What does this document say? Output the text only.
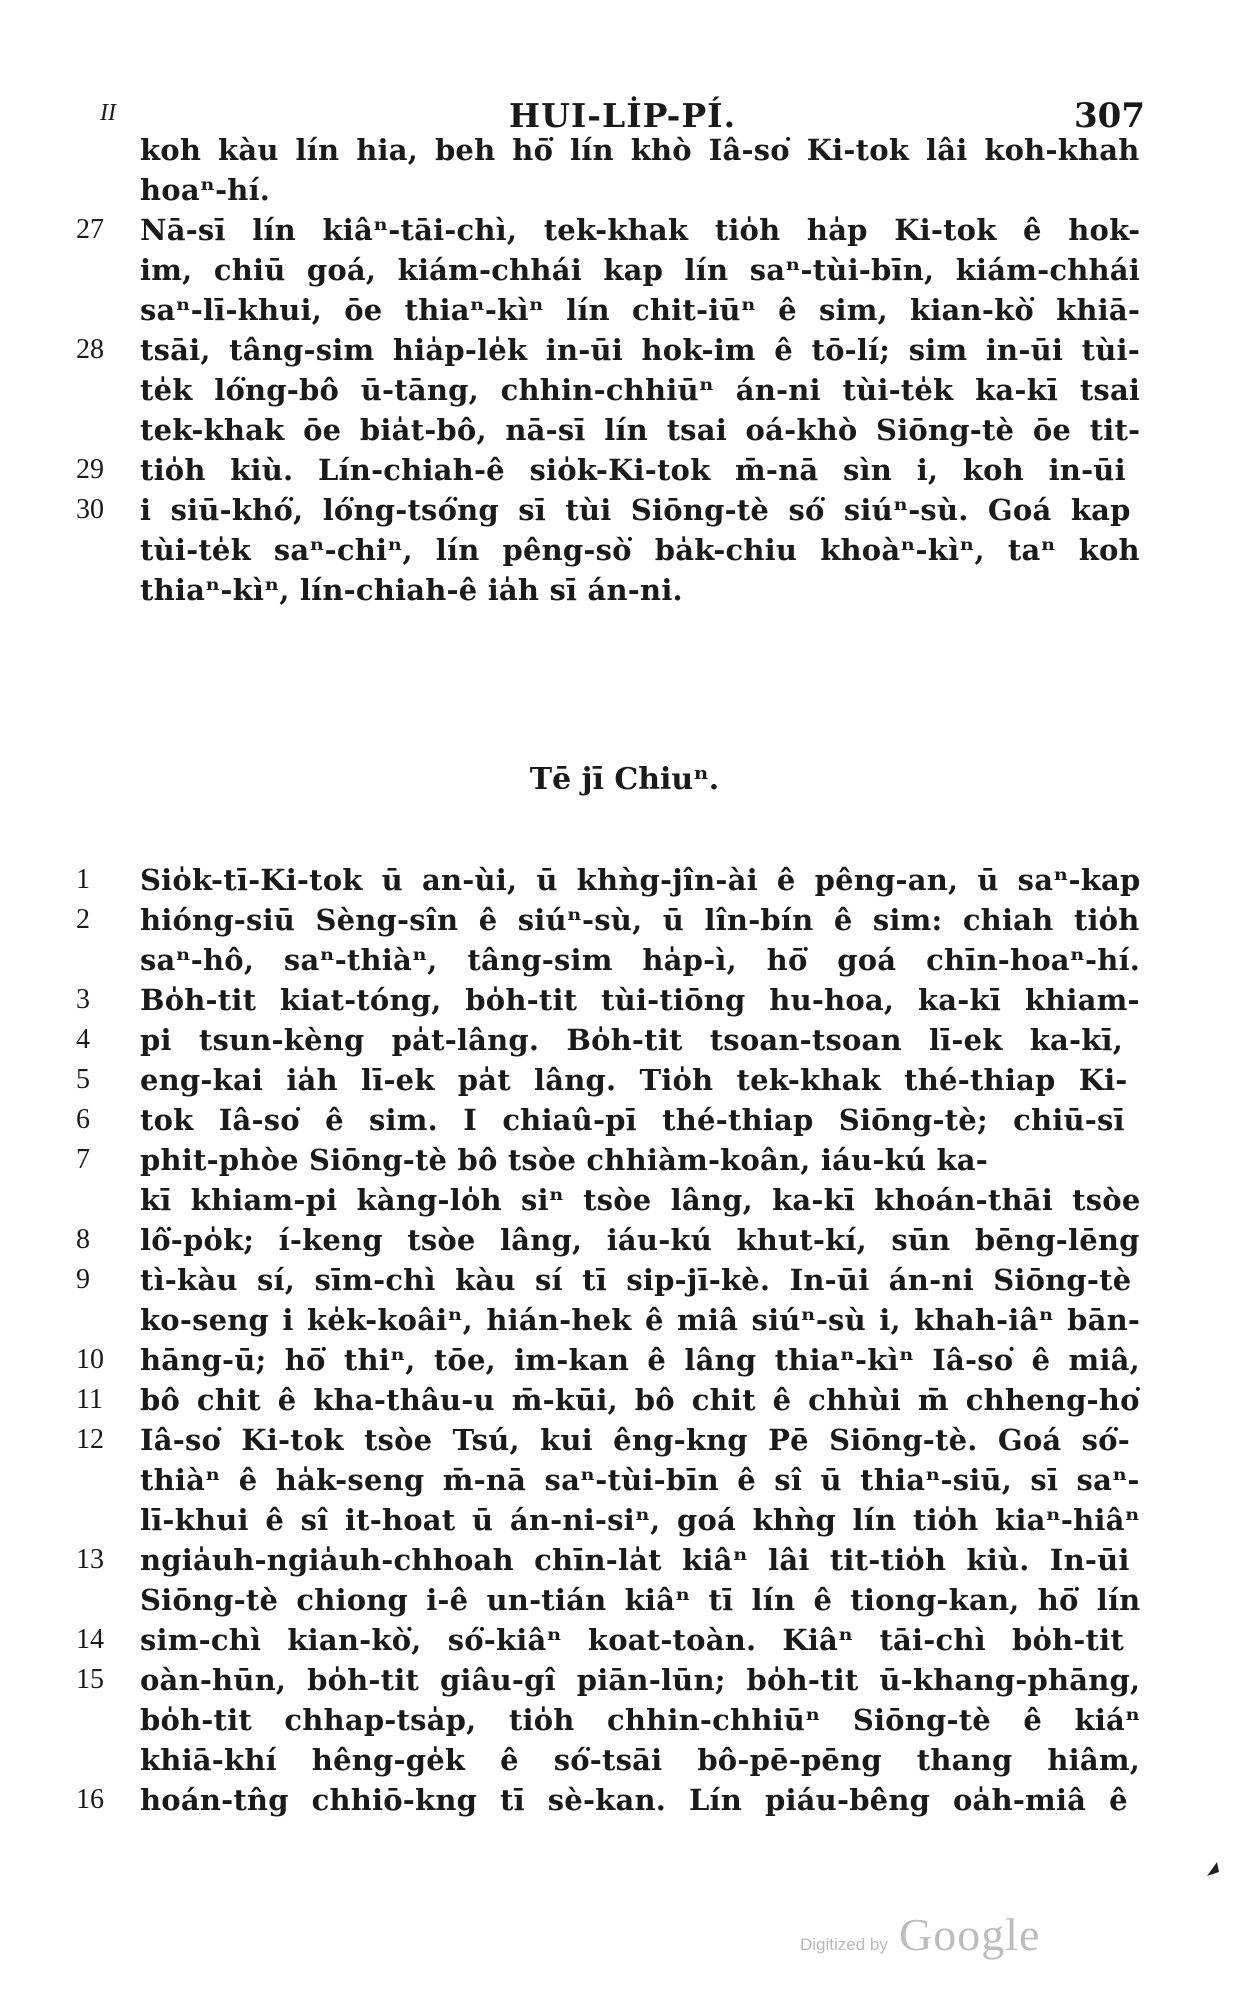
II	HUI-LİP-PÍ.	307
koh kàu lín hia, beh hō͘ lín khò Iâ-so͘ Ki-tok lâi koh-khah
hoaⁿ-hí.
27 Nā-sī lín kiâⁿ-tāi-chì, tek-khak tio̍h ha̍p Ki-tok ê hok-
im, chiū goá, kiám-chhái kap lín saⁿ-tùi-bīn, kiám-chhái
saⁿ-lī-khui, ōe thiaⁿ-kìⁿ lín chit-iūⁿ ê sim, kian-kò͘ khiā-
28 tsāi, tâng-sim hia̍p-le̍k in-ūi hok-im ê tō-lí; sim in-ūi tùi-
te̍k ló͘ng-bô ū-tāng, chhin-chhiūⁿ án-ni tùi-te̍k ka-kī tsai
tek-khak ōe bia̍t-bô, nā-sī lín tsai oá-khò Siōng-tè ōe tit-
29 tio̍h kiù. Lín-chiah-ê sio̍k-Ki-tok m̄-nā sìn i, koh in-ūi
30 i siū-khó͘, ló͘ng-tsó͘ng sī tùi Siōng-tè só͘ siúⁿ-sù. Goá kap
tùi-te̍k saⁿ-chiⁿ, lín pêng-sò͘ ba̍k-chiu khoàⁿ-kìⁿ, taⁿ koh
thiaⁿ-kìⁿ, lín-chiah-ê ia̍h sī án-ni.
1 Sio̍k-tī-Ki-tok ū an-ùi, ū khǹg-jîn-ài ê pêng-an, ū saⁿ-kap
2 hióng-siū Sèng-sîn ê siúⁿ-sù, ū lîn-bín ê sim: chiah tio̍h
saⁿ-hô, saⁿ-thiàⁿ, tâng-sim ha̍p-ì, hō͘ goá chīn-hoaⁿ-hí.
3 Bo̍h-tit kiat-tóng, bo̍h-tit tùi-tiōng hu-hoa, ka-kī khiam-
4 pi tsun-kèng pa̍t-lâng. Bo̍h-tit tsoan-tsoan lī-ek ka-kī,
5 eng-kai ia̍h lī-ek pa̍t lâng. Tio̍h tek-khak thé-thiap Ki-
6 tok Iâ-so͘ ê sim. I chiaû-pī thé-thiap Siōng-tè; chiū-sī
7 phit-phòe Siōng-tè bô tsòe chhiàm-koân, iáu-kú ka-
kī khiam-pi kàng-lo̍h siⁿ tsòe lâng, ka-kī khoán-thāi tsòe
8 lô͘-po̍k; í-keng tsòe lâng, iáu-kú khut-kí, sūn bēng-lēng
9 tì-kàu sí, sīm-chì kàu sí tī sip-jī-kè. In-ūi án-ni Siōng-tè
ko-seng i ke̍k-koâiⁿ, hián-hek ê miâ siúⁿ-sù i, khah-iâⁿ bān-
10 hāng-ū; hō͘ thiⁿ, tōe, im-kan ê lâng thiaⁿ-kìⁿ Iâ-so͘ ê miâ,
11 bô chit ê kha-thâu-u m̄-kūi, bô chit ê chhùi m̄ chheng-ho͘
12 Iâ-so͘ Ki-tok tsòe Tsú, kui êng-kng Pē Siōng-tè. Goá só͘-
thiàⁿ ê ha̍k-seng m̄-nā saⁿ-tùi-bīn ê sî ū thiaⁿ-siū, sī saⁿ-
lī-khui ê sî it-hoat ū án-ni-siⁿ, goá khǹg lín tio̍h kiaⁿ-hiâⁿ
13 ngia̍uh-ngia̍uh-chhoah chīn-la̍t kiâⁿ lâi tit-tio̍h kiù. In-ūi
Siōng-tè chiong i-ê un-tián kiâⁿ tī lín ê tiong-kan, hō͘ lín
14 sim-chì kian-kò͘, só͘-kiâⁿ koat-toàn. Kiâⁿ tāi-chì bo̍h-tit
15 oàn-hūn, bo̍h-tit giâu-gî piān-lūn; bo̍h-tit ū-khang-phāng,
bo̍h-tit chhap-tsa̍p, tio̍h chhin-chhiūⁿ Siōng-tè ê kiáⁿ
khiā-khí hêng-ge̍k ê só͘-tsāi bô-pē-pēng thang hiâm,
16 hoán-tn̂g chhiō-kng tī sè-kan. Lín piáu-bêng oa̍h-miâ ê
Tē jī Chiuⁿ.
Digitized by Google
